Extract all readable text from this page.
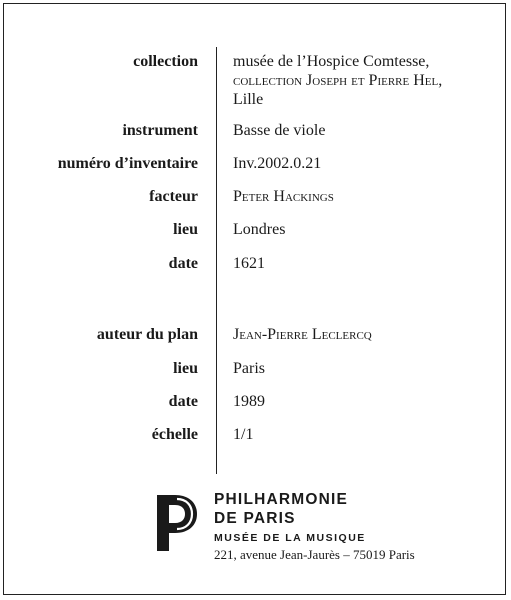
collection musée de l’Hospice Comtesse,
collection Joseph et Pierre Hel,
Lille
instrument Basse de viole
numéro d’inventaire Inv.2002.0.21
facteur Peter Hackings
lieu Londres
date 1621
auteur du plan Jean-Pierre Leclercq
lieu Paris
date 1989
échelle 1/1
PHILHARMONIE
DE PARIS
MUSÉE DE LA MUSIQUE
221, avenue Jean-Jaurès – 75019 Paris
